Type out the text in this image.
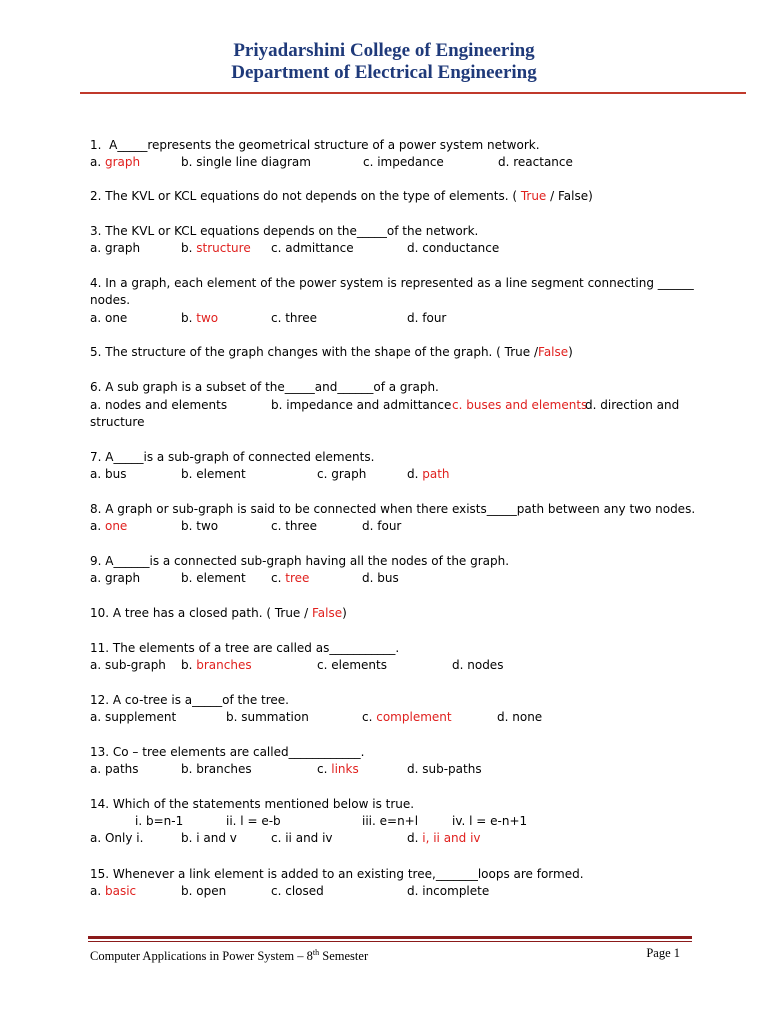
Priyadarshini College of Engineering
Department of Electrical Engineering
1. A_____represents the geometrical structure of a power system network.
a. graph	b. single line diagram	c. impedance	d. reactance
2. The KVL or KCL equations do not depends on the type of elements. ( True / False)
3. The KVL or KCL equations depends on the_____of the network.
a. graph	b. structure c. admittance	d. conductance
4. In a graph, each element of the power system is represented as a line segment connecting ______
nodes.
a. one	b. two	c. three	d. four
5. The structure of the graph changes with the shape of the graph. ( True /False)
6. A sub graph is a subset of the_____and______of a graph.
a. nodes and elements	b. impedance and admittance c. buses and elements
d. direction and
structure
7. A_____is a sub-graph of connected elements.
a. bus	b. element	c. graph	d. path
8. A graph or sub-graph is said to be connected when there exists_____path between any two nodes.
a. one	b. two	c. three	d. four
9. A______is a connected sub-graph having all the nodes of the graph.
a. graph	b. element c. tree	d. bus
10. A tree has a closed path. ( True / False)
11. The elements of a tree are called as___________.
a. sub-graph b. branches	c. elements	d. nodes
12. A co-tree is a_____of the tree.
a. supplement	b. summation	c. complement	d. none
13. Co – tree elements are called____________.
a. paths	b. branches	c. links	d. sub-paths
14. Which of the statements mentioned below is true.
i. b=n-1	ii. l = e-b	iii. e=n+l	iv. l = e-n+1
a. Only i.	b. i and v	c. ii and iv	d. i, ii and iv
15. Whenever a link element is added to an existing tree,_______loops are formed.
a. basic	b. open	c. closed	d. incomplete
Computer Applications in Power System – 8th Semester	Page 1
